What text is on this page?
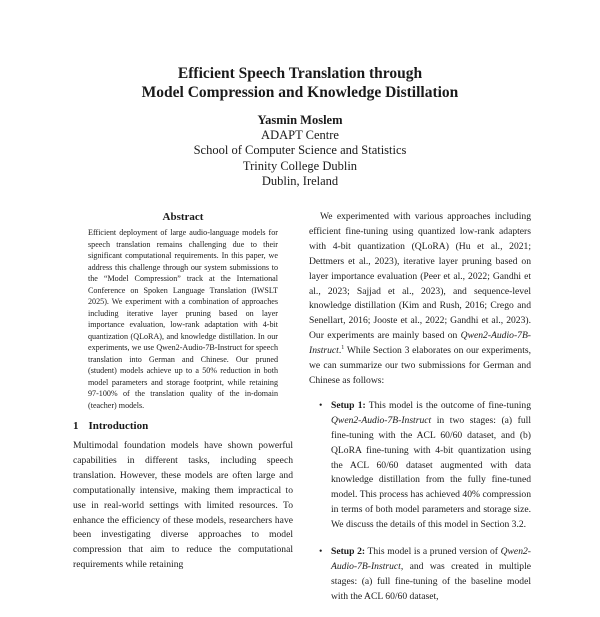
Efficient Speech Translation through
Model Compression and Knowledge Distillation
Yasmin Moslem
ADAPT Centre
School of Computer Science and Statistics
Trinity College Dublin
Dublin, Ireland
Abstract

Efficient deployment of large audio-language models for speech translation remains challenging due to their significant computational requirements. In this paper, we address this challenge through our system submissions to the “Model Compression” track at the International Conference on Spoken Language Translation (IWSLT 2025). We experiment with a combination of approaches including iterative layer pruning based on layer importance evaluation, low-rank adaptation with 4-bit quantization (QLoRA), and knowledge distillation. In our experiments, we use Qwen2-Audio-7B-Instruct for speech translation into German and Chinese. Our pruned (student) models achieve up to a 50% reduction in both model parameters and storage footprint, while retaining 97-100% of the translation quality of the in-domain (teacher) models.

1 Introduction

Multimodal foundation models have shown powerful capabilities in different tasks, including speech translation. However, these models are often large and computationally intensive, making them impractical to use in real-world settings with limited resources. To enhance the efficiency of these models, researchers have been investigating diverse approaches to model compression that aim to reduce the computational requirements while retaining

We experimented with various approaches including efficient fine-tuning using quantized low-rank adapters with 4-bit quantization (QLoRA) (Hu et al., 2021; Dettmers et al., 2023), iterative layer pruning based on layer importance evaluation (Peer et al., 2022; Gandhi et al., 2023; Sajjad et al., 2023), and sequence-level knowledge distillation (Kim and Rush, 2016; Crego and Senellart, 2016; Jooste et al., 2022; Gandhi et al., 2023). Our experiments are mainly based on Qwen2-Audio-7B-Instruct.$^1$ While Section 3 elaborates on our experiments, we can summarize our two submissions for German and Chinese as follows:

• Setup 1: This model is the outcome of fine-tuning Qwen2-Audio-7B-Instruct in two stages: (a) full fine-tuning with the ACL 60/60 dataset, and (b) QLoRA fine-tuning with 4-bit quantization using the ACL 60/60 dataset augmented with data knowledge distillation from the fully fine-tuned model. This process has achieved 40% compression in terms of both model parameters and storage size. We discuss the details of this model in Section 3.2.
• Setup 2: This model is a pruned version of Qwen2-Audio-7B-Instruct, and was created in multiple stages: (a) full fine-tuning of the baseline model with the ACL 60/60 dataset,
